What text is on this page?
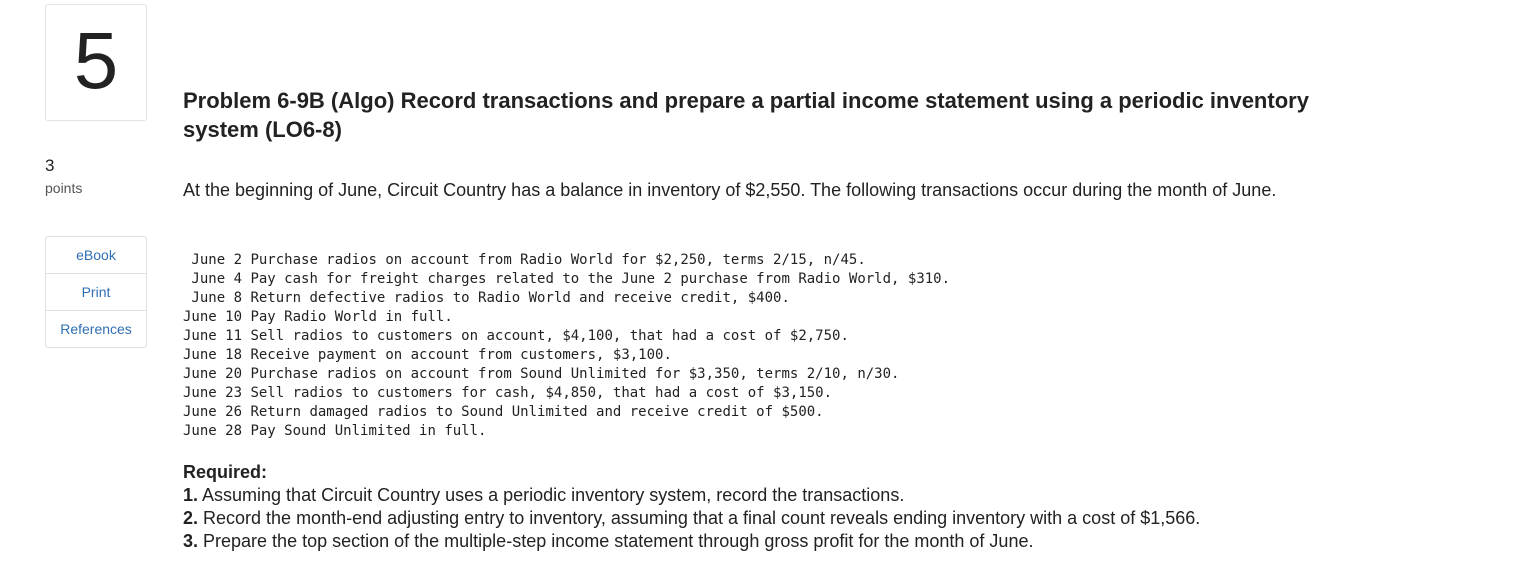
5
3
points
eBook
Print
References
Problem 6-9B (Algo) Record transactions and prepare a partial income statement using a periodic inventory system (LO6-8)

At the beginning of June, Circuit Country has a balance in inventory of $2,550. The following transactions occur during the month of June.

June 2 Purchase radios on account from Radio World for $2,250, terms 2/15, n/45.
June 4 Pay cash for freight charges related to the June 2 purchase from Radio World, $310.
June 8 Return defective radios to Radio World and receive credit, $400.
June 10 Pay Radio World in full.
June 11 Sell radios to customers on account, $4,100, that had a cost of $2,750.
June 18 Receive payment on account from customers, $3,100.
June 20 Purchase radios on account from Sound Unlimited for $3,350, terms 2/10, n/30.
June 23 Sell radios to customers for cash, $4,850, that had a cost of $3,150.
June 26 Return damaged radios to Sound Unlimited and receive credit of $500.
June 28 Pay Sound Unlimited in full.
Required:
1. Assuming that Circuit Country uses a periodic inventory system, record the transactions.
2. Record the month-end adjusting entry to inventory, assuming that a final count reveals ending inventory with a cost of $1,566.
3. Prepare the top section of the multiple-step income statement through gross profit for the month of June.
